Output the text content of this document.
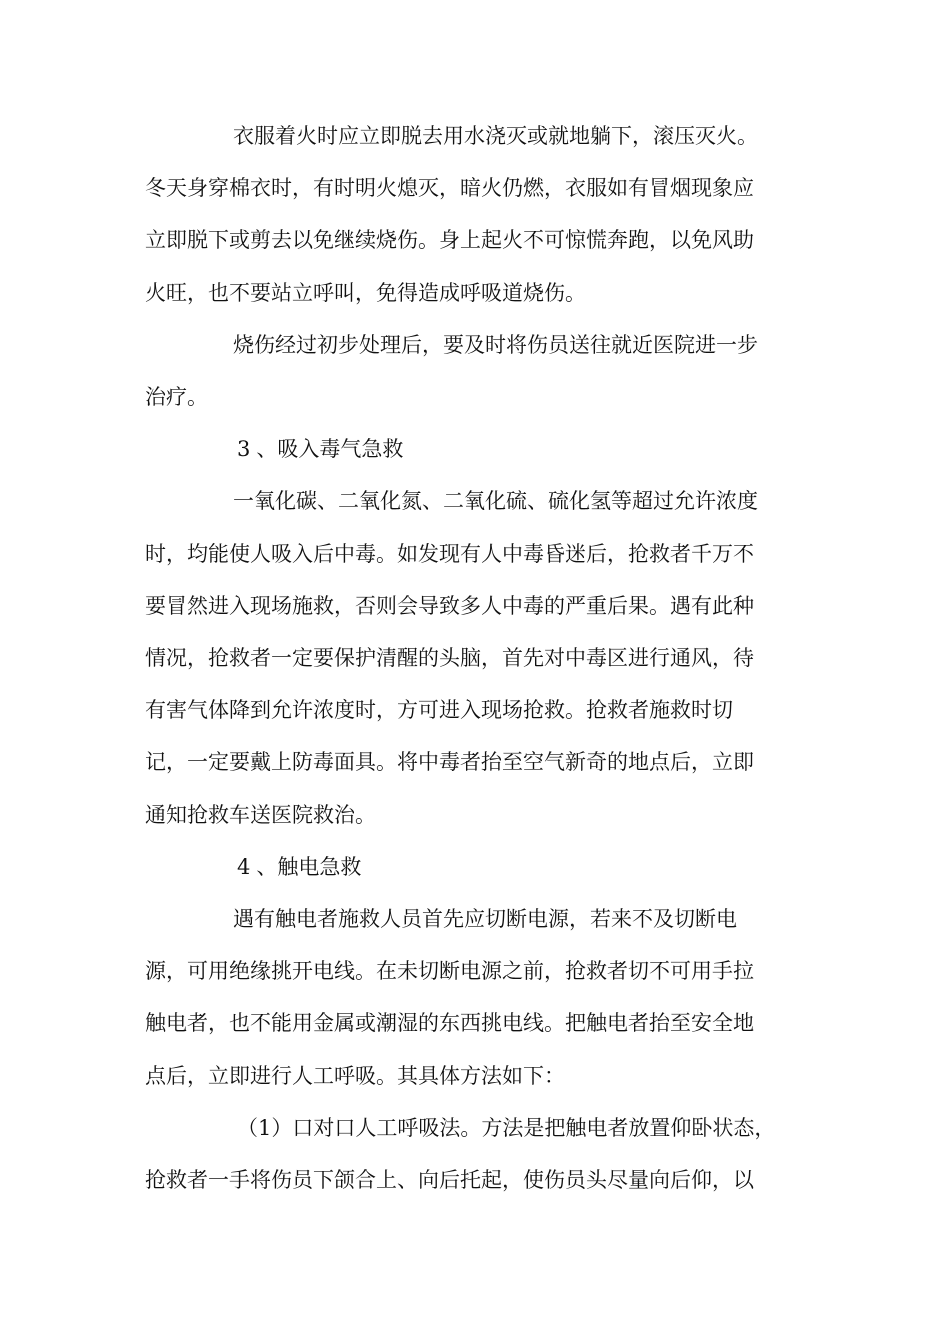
衣服着火时应立即脱去用水浇灭或就地躺下，滚压灭火。
冬天身穿棉衣时，有时明火熄灭，暗火仍燃，衣服如有冒烟现象应
立即脱下或剪去以免继续烧伤。身上起火不可惊慌奔跑，以免风助
火旺，也不要站立呼叫，免得造成呼吸道烧伤。

烧伤经过初步处理后，要及时将伤员送往就近医院进一步
治疗。

3 、吸入毒气急救

一氧化碳、二氧化氮、二氧化硫、硫化氢等超过允许浓度
时，均能使人吸入后中毒。如发现有人中毒昏迷后，抢救者千万不
要冒然进入现场施救，否则会导致多人中毒的严重后果。遇有此种
情况，抢救者一定要保护清醒的头脑，首先对中毒区进行通风，待
有害气体降到允许浓度时，方可进入现场抢救。抢救者施救时切
记，一定要戴上防毒面具。将中毒者抬至空气新奇的地点后，立即
通知抢救车送医院救治。

4 、触电急救

遇有触电者施救人员首先应切断电源，若来不及切断电
源，可用绝缘挑开电线。在未切断电源之前，抢救者切不可用手拉
触电者，也不能用金属或潮湿的东西挑电线。把触电者抬至安全地
点后，立即进行人工呼吸。其具体方法如下：

（1）口对口人工呼吸法。方法是把触电者放置仰卧状态，
抢救者一手将伤员下颌合上、向后托起，使伤员头尽量向后仰，以
